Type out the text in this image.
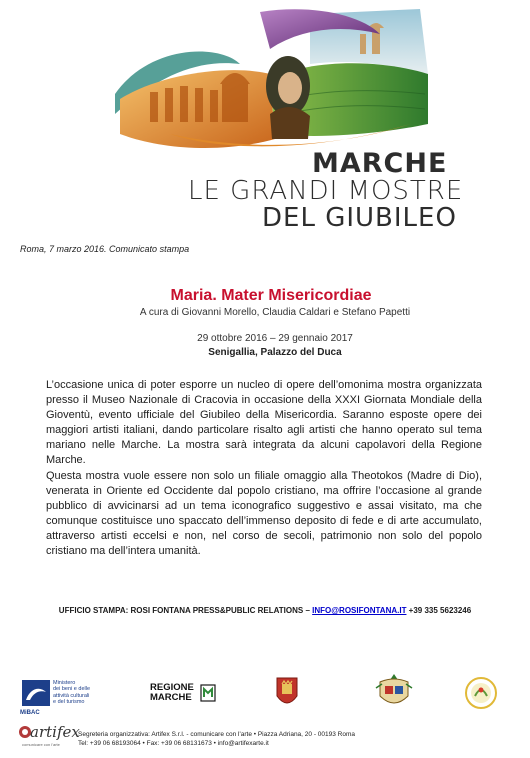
MARCHE
LE GRANDI MOSTRE
DEL GIUBILEO
Roma, 7 marzo 2016. Comunicato stampa
Maria. Mater Misericordiae
A cura di Giovanni Morello, Claudia Caldari e Stefano Papetti
29 ottobre 2016 – 29 gennaio 2017
Senigallia, Palazzo del Duca

L’occasione unica di poter esporre un nucleo di opere dell’omonima mostra organizzata presso il Museo Nazionale di Cracovia in occasione della XXXI Giornata Mondiale della Gioventù, evento ufficiale del Giubileo della Misericordia. Saranno esposte opere dei maggiori artisti italiani, dando particolare risalto agli artisti che hanno operato sul tema mariano nelle Marche. La mostra sarà integrata da alcuni capolavori della Regione Marche.

Questa mostra vuole essere non solo un filiale omaggio alla Theotokos (Madre di Dio), venerata in Oriente ed Occidente dal popolo cristiano, ma offrire l’occasione al grande pubblico di avvicinarsi ad un tema iconografico suggestivo e assai visitato, ma che comunque costituisce uno spaccato dell’immenso deposito di fede e di arte accumulato, attraverso artisti eccelsi e non, nel corso de secoli, patrimonio non solo del popolo cristiano ma dell’intera umanità.

UFFICIO STAMPA: ROSI FONTANA PRESS&PUBLIC RELATIONS – INFO@ROSIFONTANA.IT +39 335 5623246
Ministero
dei beni e delle
attività culturali
e del turismo
MiBAC
REGIONE
MARCHE
artifex
comunicare con l'arte
Segreteria organizzativa: Artifex S.r.l. - comunicare con l'arte • Piazza Adriana, 20 - 00193 Roma
Tel: +39 06 68193064 • Fax: +39 06 68131673 • info@artifexarte.it
